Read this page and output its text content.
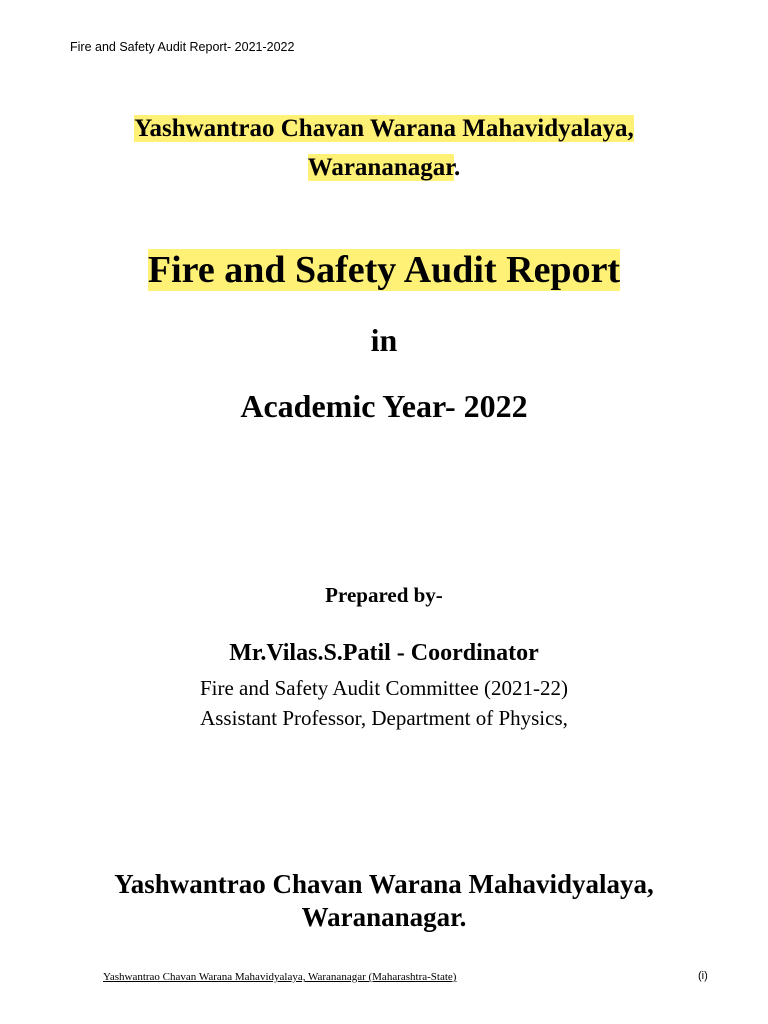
Fire and Safety Audit Report- 2021-2022
Yashwantrao Chavan Warana Mahavidyalaya,
Warananagar.
Fire and Safety Audit Report
in
Academic Year- 2022
Prepared by-
Mr.Vilas.S.Patil - Coordinator
Fire and Safety Audit Committee (2021-22)
Assistant Professor, Department of Physics,
Yashwantrao Chavan Warana Mahavidyalaya,
Warananagar.
Yashwantrao Chavan Warana Mahavidyalaya, Warananagar (Maharashtra-State)	(i)
